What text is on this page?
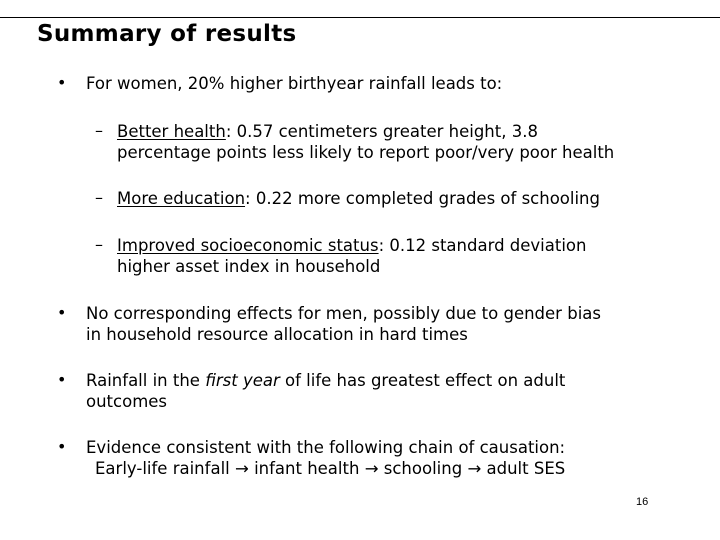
Summary of results
• For women, 20% higher birthyear rainfall leads to:
– Better health: 0.57 centimeters greater height, 3.8
percentage points less likely to report poor/very poor health
– More education: 0.22 more completed grades of schooling
– Improved socioeconomic status: 0.12 standard deviation
higher asset index in household
• No corresponding effects for men, possibly due to gender bias
in household resource allocation in hard times
• Rainfall in the first year of life has greatest effect on adult
outcomes
• Evidence consistent with the following chain of causation:
Early-life rainfall → infant health → schooling → adult SES
16
